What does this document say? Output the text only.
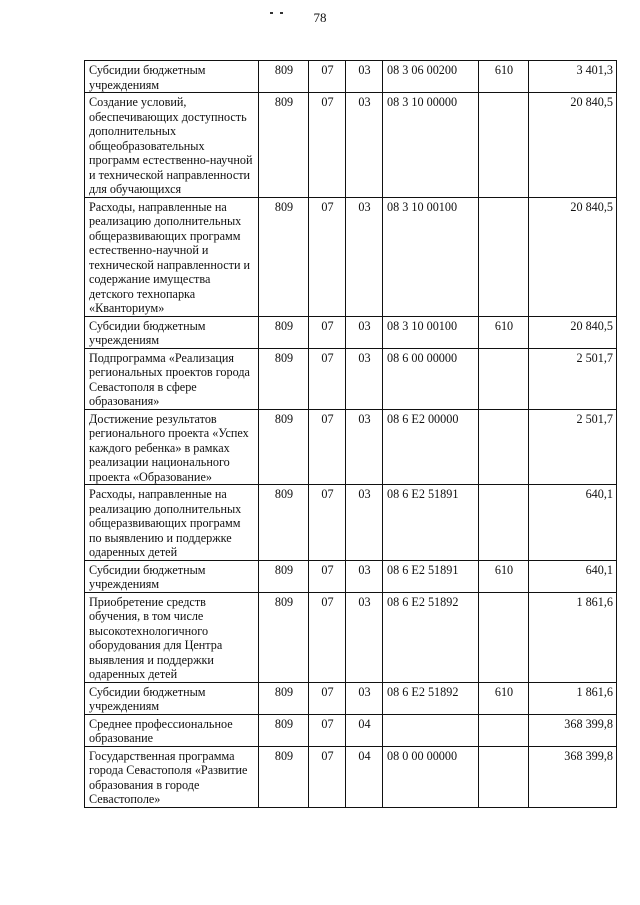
78
Субсидии бюджетным учреждениям	809	07	03	08 3 06 00200	610	3 401,3
Создание условий, обеспечивающих доступность дополнительных общеобразовательных программ естественно-научной и технической направленности для обучающихся	809	07	03	08 3 10 00000		20 840,5
Расходы, направленные на реализацию дополнительных общеразвивающих программ естественно-научной и технической направленности и содержание имущества детского технопарка «Кванториум»	809	07	03	08 3 10 00100		20 840,5
Субсидии бюджетным учреждениям	809	07	03	08 3 10 00100	610	20 840,5
Подпрограмма «Реализация региональных проектов города Севастополя в сфере образования»	809	07	03	08 6 00 00000		2 501,7
Достижение результатов регионального проекта «Успех каждого ребенка» в рамках реализации национального проекта «Образование»	809	07	03	08 6 E2 00000		2 501,7
Расходы, направленные на реализацию дополнительных общеразвивающих программ по выявлению и поддержке одаренных детей	809	07	03	08 6 E2 51891		640,1
Субсидии бюджетным учреждениям	809	07	03	08 6 E2 51891	610	640,1
Приобретение средств обучения, в том числе высокотехнологичного оборудования для Центра выявления и поддержки одаренных детей	809	07	03	08 6 E2 51892		1 861,6
Субсидии бюджетным учреждениям	809	07	03	08 6 E2 51892	610	1 861,6
Среднее профессиональное образование	809	07	04			368 399,8
Государственная программа города Севастополя «Развитие образования в городе Севастополе»	809	07	04	08 0 00 00000		368 399,8
